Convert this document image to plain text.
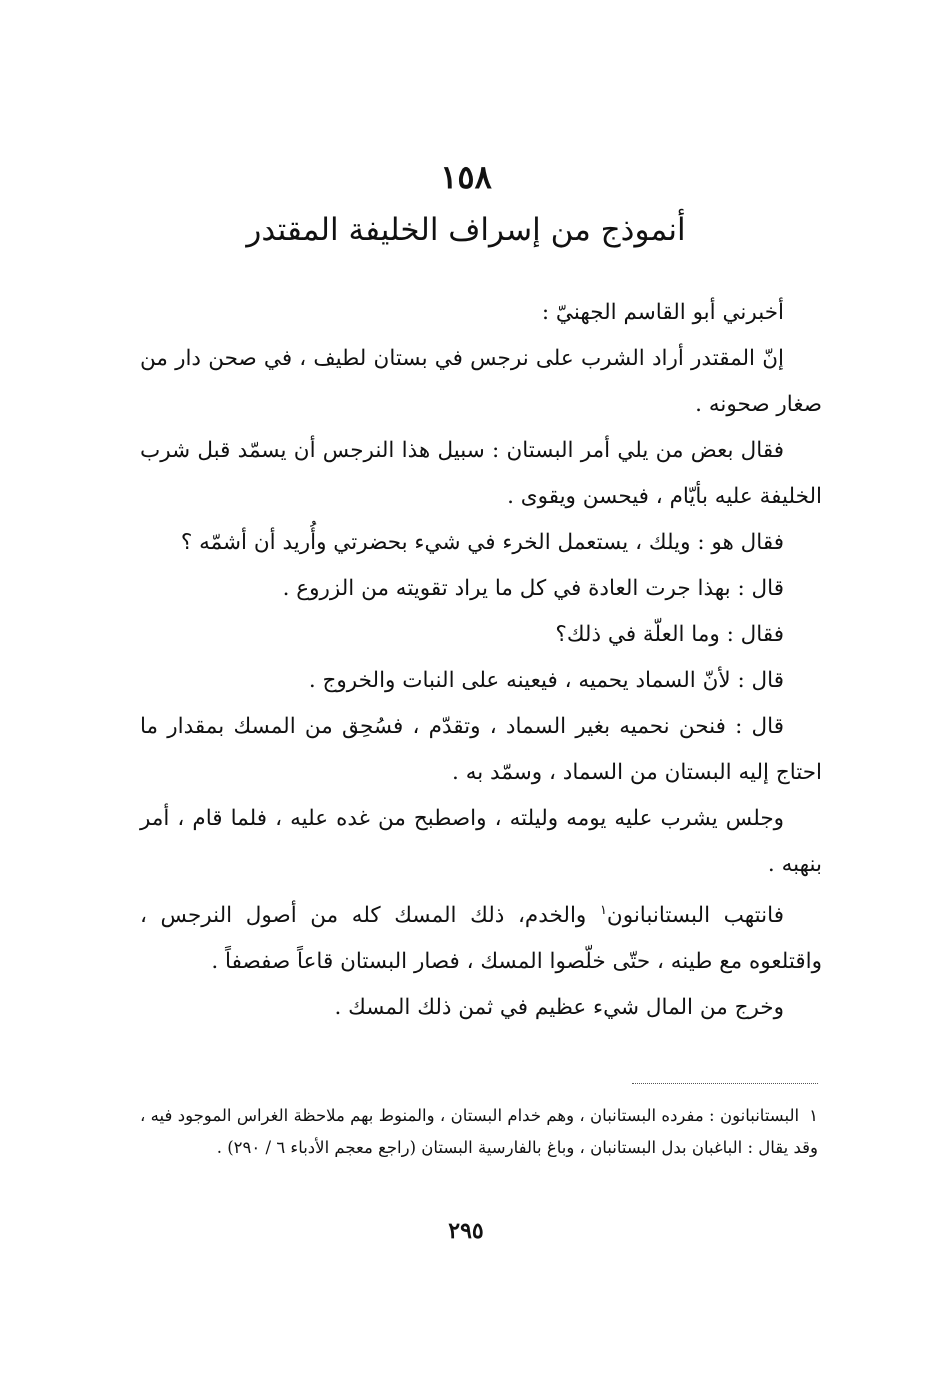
١٥٨
أنموذج من إسراف الخليفة المقتدر

أخبرني أبو القاسم الجهنيّ :

إنّ المقتدر أراد الشرب على نرجس في بستان لطيف ، في صحن دار من صغار صحونه .

فقال بعض من يلي أمر البستان : سبيل هذا النرجس أن يسمّد قبل شرب الخليفة عليه بأيّام ، فيحسن ويقوى .

فقال هو : ويلك ، يستعمل الخرء في شيء بحضرتي وأُريد أن أشمّه ؟

قال : بهذا جرت العادة في كل ما يراد تقويته من الزروع .

فقال : وما العلّة في ذلك؟

قال : لأنّ السماد يحميه ، فيعينه على النبات والخروج .

قال : فنحن نحميه بغير السماد ، وتقدّم ، فسُحِق من المسك بمقدار ما احتاج إليه البستان من السماد ، وسمّد به .

وجلس يشرب عليه يومه وليلته ، واصطبح من غده عليه ، فلما قام ، أمر بنهبه .

فانتهب البستانبانون$^١$ والخدم، ذلك المسك كله من أصول النرجس ، واقتلعوه مع طينه ، حتّى خلّصوا المسك ، فصار البستان قاعاً صفصفاً .

وخرج من المال شيء عظيم في ثمن ذلك المسك .

١البستانبانون : مفرده البستانبان ، وهم خدام البستان ، والمنوط بهم ملاحظة الغراس الموجود فيه ، وقد يقال : الباغبان بدل البستانبان ، وباغ بالفارسية البستان (راجع معجم الأدباء ٦ / ٢٩٠) .

٢٩٥
